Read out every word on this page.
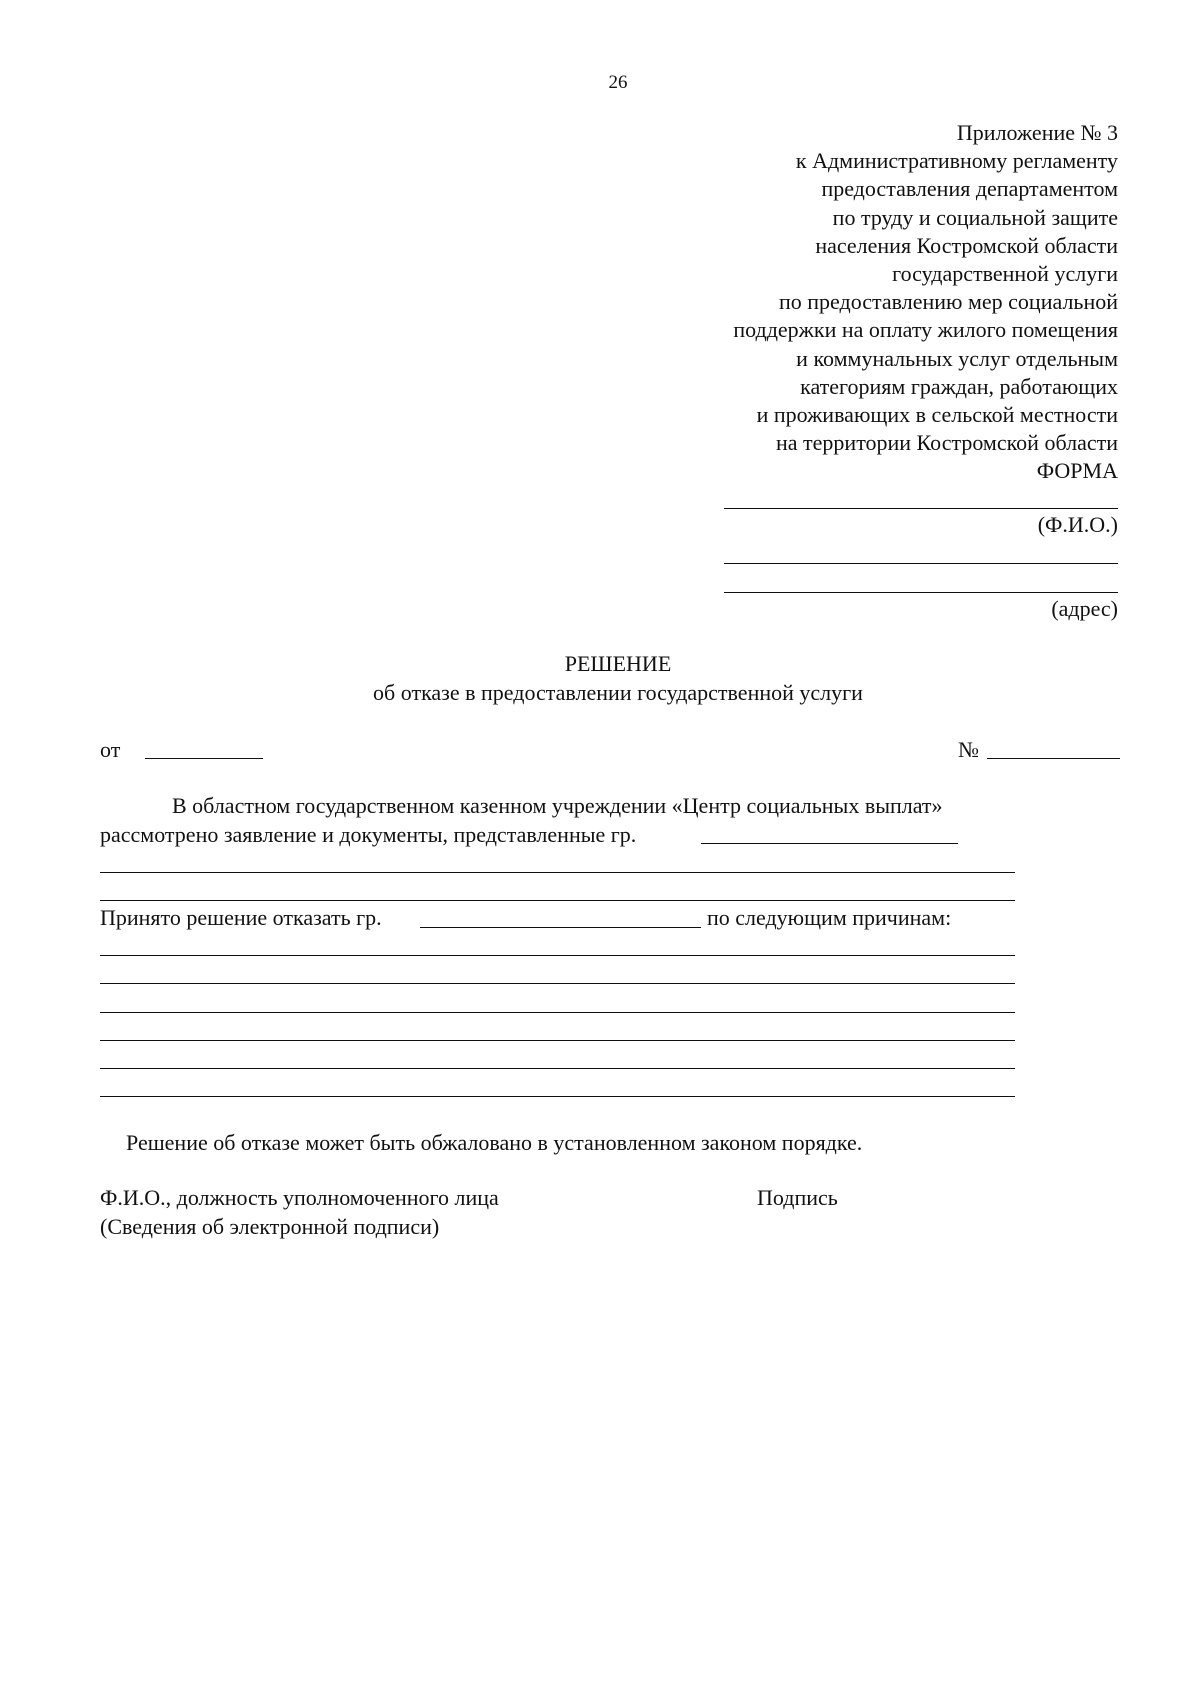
26
Приложение № 3
к Административному регламенту
предоставления департаментом
по труду и социальной защите
населения Костромской области
государственной услуги
по предоставлению мер социальной
поддержки на оплату жилого помещения
и коммунальных услуг отдельным
категориям граждан, работающих
и проживающих в сельской местности
на территории Костромской области
ФОРМА
(Ф.И.О.)
(адрес)
РЕШЕНИЕ
об отказе в предоставлении государственной услуги
от	№
В областном государственном казенном учреждении «Центр социальных выплат»
рассмотрено заявление и документы, представленные гр.
Принято решение отказать гр.	по следующим причинам:
Решение об отказе может быть обжаловано в установленном законом порядке.
Ф.И.О., должность уполномоченного лица	Подпись
(Сведения об электронной подписи)
